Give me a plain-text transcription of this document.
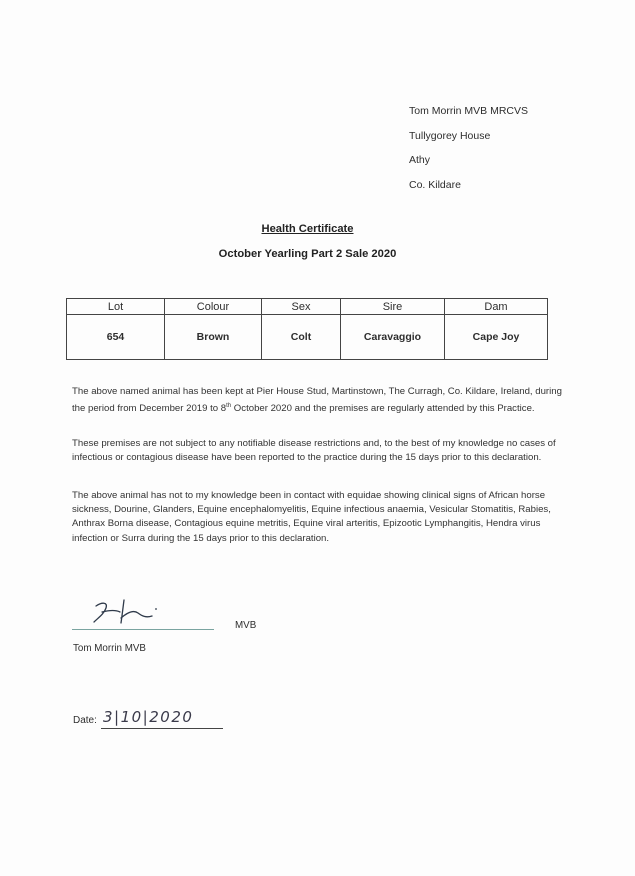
Tom Morrin MVB MRCVS
Tullygorey House
Athy
Co. Kildare
Health Certificate
October Yearling Part 2 Sale 2020
Lot	Colour	Sex	Sire	Dam
654	Brown	Colt	Caravaggio	Cape Joy
The above named animal has been kept at Pier House Stud, Martinstown, The Curragh, Co. Kildare, Ireland, during the period from December 2019 to 8th October 2020 and the premises are regularly attended by this Practice.
These premises are not subject to any notifiable disease restrictions and, to the best of my knowledge no cases of infectious or contagious disease have been reported to the practice during the 15 days prior to this declaration.
The above animal has not to my knowledge been in contact with equidae showing clinical signs of African horse sickness, Dourine, Glanders, Equine encephalomyelitis, Equine infectious anaemia, Vesicular Stomatitis, Rabies, Anthrax Borna disease, Contagious equine metritis, Equine viral arteritis, Epizootic Lymphangitis, Hendra virus infection or Surra during the 15 days prior to this declaration.
MVB
Tom Morrin MVB
Date: 3|10|2020
